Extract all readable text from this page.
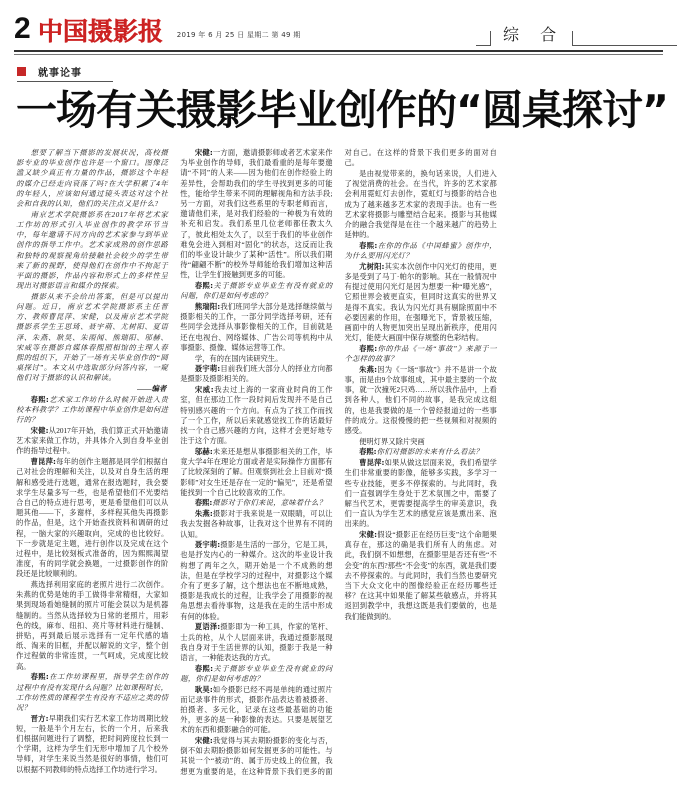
2 中国摄影报 2019 年 6 月 25 日 星期二 第 49 期	综 合
就事论事
一场有关摄影毕业创作的“圆桌探讨”

想要了解当下摄影的发展状况，高校摄影专业的毕业创作也许是一个窗口。图像泛滥又缺少真正有力量的作品，摄影这个年轻的媒介已经走向衰落了吗?在大学积累了4年的年轻人，应该如何通过镜头表达对这个社会和自我的认知，他们的关注点又是什么?

南京艺术学院摄影系在2017年将艺术家工作坊的形式引入毕业创作的教学环节当中，每年邀请不同方向的艺术家参与到毕业创作的指导工作中。艺术家成熟的创作思路和独特的观察视角给接触社会较少的学生带来了新的视野，使得他们在创作中不拘泥于平面的摄影，作品内容和形式上的多样性呈现出对摄影语言和媒介的探索。

摄影从来不会给出答案，但是可以提出问题。近日，南京艺术学院摄影系主任晋方、教师曹昆萍、宋健，以及南京艺术学院摄影系学生王思琦、聂宇萌、尤树阳、夏语泽、朱燕、耿昊、朱雨闻、熊瑞阳、邬赫、宋威等在摄影自媒体春熙照相馆的主理人春熙的组织下，开始了一场有关毕业创作的“圆桌探讨”。本文从中选取部分问答内容，一窥他们对于摄影的认识和解读。

——编者

春熙:艺术家工作坊什么时候开始进入贵校本科教学？工作坊课程中毕业创作是如何进行的？

宋健:从2017年开始，我们算正式开始邀请艺术家来做工作坊，并具体介入到自身毕业创作的指导过程中。

曹昆萍:每年的创作主题都是同学们根据自己对社会的理解和关注，以及对自身生活的理解和感受进行选题，通常在报选题时，我会要求学生尽量多写一些，也是希望他们不光要结合自己的特点进行思考，更是希望他们可以从题其他——下，多谢样，多样程其他失再摄影的作品，但是，这个开始查找资料和调研的过程，一脑大家的兴趣取向，完成的也比较好。下一步就是定主题，进行创作以及完成在这个过程中，是比较刻板式准备的，因为熙熙渴望准度，有的同学就会换题，一过摄影创作的阶段还是比较顺利的。

燕选择利用家庭的老照片进行二次创作。朱燕的优势是她的手工做得非常精细，大家如果到现场看她缝制的照片可能会误以为是机器缝制的。当然从选择较为日常的老照片，用彩色的线，麻布、纽扣、亮片等材料进行缝制、拼贴，再到最后展示选择有一定年代感的墙纸、淘来的旧框，并配以解说的文字，整个创作过程做的非常连贯，一气呵成，完成度比较高。

春熙:在工作坊课程里，指导学生创作的过程中有没有发现什么问题？比如课程时长，工作坊性质的课程学生有没有不适应之类的情况？

晋方:早期我们实行艺术家工作坊周期比较短，一般是半个月左右，长的一个月，后来我们根据问题进行了调整，把时间跨度拉长到一个学期，这样为学生们无形中增加了几个校外导师，对学生来说当然是很好的事情，他们可以根据不同教师的特点选择工作坊进行学习。

宋健:一方面，邀请摄影师或者艺术家来作为毕业创作的导师，我们最看重的是每年要邀请“不同”的人来——因为他们在创作经验上的差异性，会帮助我们的学生寻找到更多的可能性，能给学生带来不同的理解视角和方法手段;另一方面，对我们这些系里的专职老师而言，邀请他们来，是对我们经验的一种极为有效的补充和启发。我们系里几位老师都任教太久了，彼此相处太久了，以至于我们的毕业创作难免会进入到相对“固化”的状态，这反而让我们的毕业设计缺少了某种“活性”。所以我们期待“翩翩不断”的校外导师能给我们增加这种活性，让学生们接触到更多的可能。

春熙:关于摄影专业毕业生有没有就业的问题，你们是如何考虑的？

熊瑞阳:我们班同学大部分是选择继续做与摄影相关的工作，一部分同学选择考研，还有些同学会选择从事影像相关的工作，目前就是还在电视台、网络媒体、广告公司等机构中从事摄影、摄像、媒体运营等工作。

学，有的在国内读研究生。

聂宇萌:目前我们班大部分人的择业方向都是摄影及摄影相关的。

宋威:我去过上海的一家商业时尚的工作室，但在那边工作一段时间后发现并不是自己特别感兴趣的一个方向。有点为了找工作而找了一个工作，所以后来就感觉找工作的话最好找一个自己感兴趣的方向，这样才会更好地专注于这个方面。

邬赫:未来还是想从事摄影相关的工作，毕竟大学4年在理论方面或者是实际操作方面都有了比较深刻的了解。但观察到社会上目前对“摄影师”对女生还是存在一定的“偏见”，还是希望能找到一个自己比较喜欢的工作。

春熙:摄影对于你们来说，意味着什么？

朱燕:摄影对于我来说是一双眼睛，可以让我去发掘各种故事，让我对这个世界有不同的认知。

聂宇萌:摄影是生活的一部分，它是工具，也是抒发内心的一种媒介。这次的毕业设计我构想了两年之久，期开始是一个不成熟的想法，但是在学校学习的过程中，对摄影这个媒介有了更多了解，这个想法也在不断地成熟，摄影是我成长的过程，让我学会了用摄影的视角思想去看待事物，这是我在走的生活中形成有何的体验。

夏语泽:摄影即为一种工具，作家的笔杆、士兵的枪，从个人层面来讲，我通过摄影展现我自身对于生活世界的认知，摄影于我是一种语言，一种能表达我的方式。

春熙:关于摄影专业毕业生没有就业的问题，你们是如何考虑的？

耿昊:如今摄影已经不再是单纯的通过照片而记录事件的形式，摄影作品表达着被摄者、拍摄者、多元化，记录在这些最基础的功能外，更多的是一种影像的表达。只要是展望艺术的东西和摄影融合的可能。

宋健:我觉得与其去期盼摄影的变化与否，倒不如去期盼摄影如何发掘更多的可能性。与其说一个“被动”的、属于历史线上的位置，我想更为重要的是，在这种背景下我们更多的面对自己。在这样的背景下我们更多的面对自己。

是由视觉带来的，换句话来说，人们进入了视觉消费的社会。在当代，许多的艺术家都会利用霓虹灯去创作，霓虹灯与摄影的结合也成为了越来越多艺术家的表现手法。也有一些艺术家将摄影与雕塑结合起来。摄影与其他媒介的融合我觉得是在往一个越来越广的趋势上延伸的。

春熙:在你的作品《中国蜂蜜》创作中，为什么要用闪光灯？

尤树阳:其实本次创作中闪光灯的使用，更多是受到了马丁·帕尔的影响。其在一般情况中有提过使用闪光灯是因为想要一种“曝光感”，它照世界会被更直实，但同时这真实的世界又是得不真实。我认为闪光灯具有剔除照面中不必要因素的作用，在强曝光下，背景被压缩，画面中的人物更加突出呈现出新秩序，使用闪光灯，能使大画面中保存规整的色彩结构。

春熙:你的作品《一场“事故”》来源于一个怎样的故事？

朱燕:因为《一场“事故”》并不是讲一个故事，而是由9个故事组成，其中最主要的一个故事，就一次撞死2只鸡……所以我作品中，上看到各种人，他们不同的故事，是我完成这组的，也是我要做的是一个曾经报道过的一些事件的成分。这很慢慢的把一些视频和对视频的感受。

便明灯界又除片突画

春熙:你们对摄影的未来有什么看法？

曹昆萍:如果从做这层面来说，我们希望学生们非常重要的影像，能够多实践，多学习一些专业技能，更多不停探索的。与此同时，我们一直强调学生身处于艺术氛围之中，需要了解当代艺术，更需要提高学生的审美意识，我们一直认为学生艺术的感觉应该是熏出来、泡出来的。

宋健:假设“摄影正在经历巨变”这个命题果真存在，那这的确是我们所有人的焦虑。对此，我们倒不如想想，在摄影里是否还有些“不会变”的东西?那些“不会变”的东西，就是我们要去不停探索的。与此同时，我们当然也要研究当下大众文化中的图像经验正在经历哪些迁移？在这其中如果能了解某些敏感点，并将其返回到教学中，我想这既是我们要做的，也是我们能做到的。
